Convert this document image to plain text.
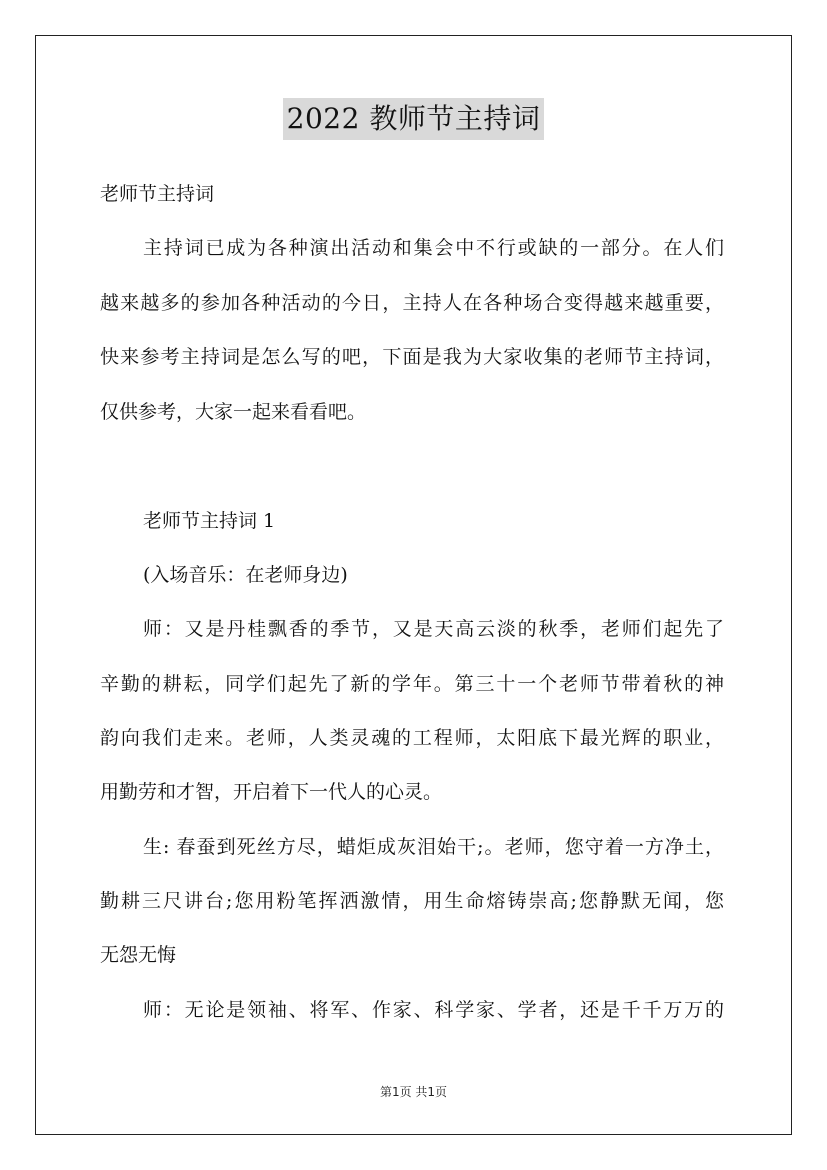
2022 教师节主持词
老师节主持词
主持词已成为各种演出活动和集会中不行或缺的一部分。在人们
越来越多的参加各种活动的今日，主持人在各种场合变得越来越重要，
快来参考主持词是怎么写的吧，下面是我为大家收集的老师节主持词，
仅供参考，大家一起来看看吧。
老师节主持词 1
(入场音乐：在老师身边)
师：又是丹桂飘香的季节，又是天高云淡的秋季，老师们起先了
辛勤的耕耘，同学们起先了新的学年。第三十一个老师节带着秋的神
韵向我们走来。老师，人类灵魂的工程师，太阳底下最光辉的职业，
用勤劳和才智，开启着下一代人的心灵。
生: 春蚕到死丝方尽，蜡炬成灰泪始干;。老师，您守着一方净土，
勤耕三尺讲台;您用粉笔挥洒激情，用生命熔铸崇高;您静默无闻，您
无怨无悔
师：无论是领袖、将军、作家、科学家、学者，还是千千万万的
第1页 共1页
